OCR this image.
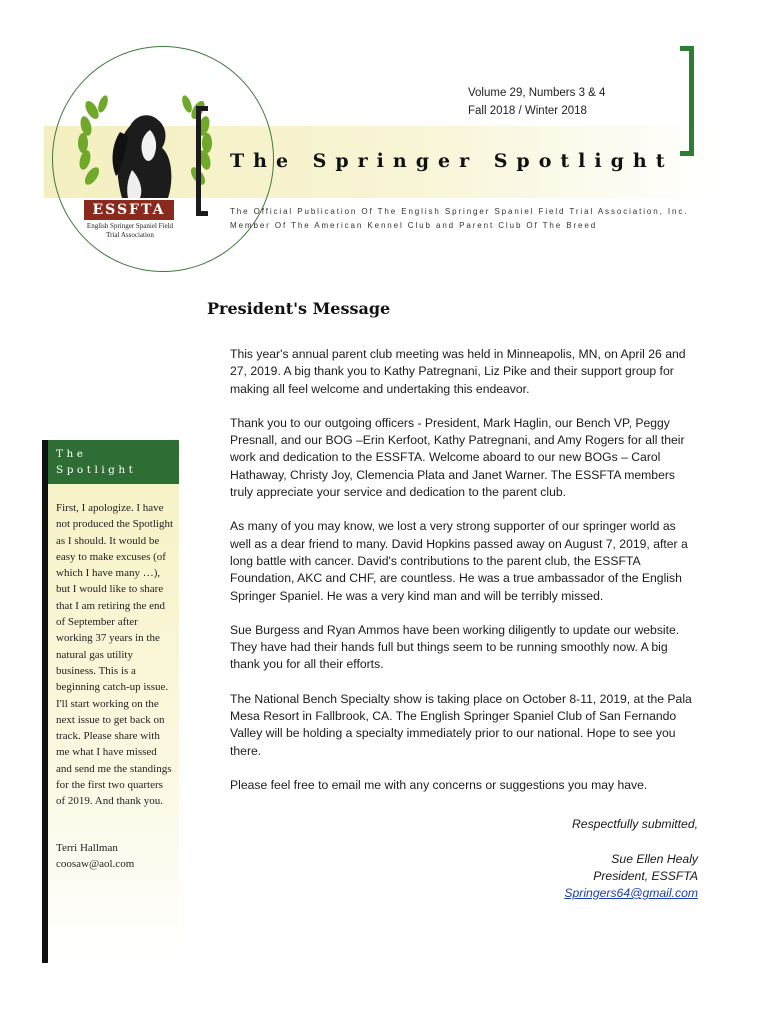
ESSFTA
English Springer Spaniel Field Trial Association
Volume 29, Numbers 3 & 4
Fall 2018 / Winter 2018
The Springer Spotlight
The Official Publication Of The English Springer Spaniel Field Trial Association, Inc.
Member Of The American Kennel Club and Parent Club Of The Breed
The
Spotlight
First, I apologize. I have not produced the Spotlight as I should. It would be easy to make excuses (of which I have many …), but I would like to share that I am retiring the end of September after working 37 years in the natural gas utility business. This is a beginning catch-up issue. I'll start working on the next issue to get back on track. Please share with me what I have missed and send me the standings for the first two quarters of 2019. And thank you.
Terri Hallman
coosaw@aol.com
President's Message

This year's annual parent club meeting was held in Minneapolis, MN, on April 26 and 27, 2019. A big thank you to Kathy Patregnani, Liz Pike and their support group for making all feel welcome and undertaking this endeavor.

Thank you to our outgoing officers - President, Mark Haglin, our Bench VP, Peggy Presnall, and our BOG –Erin Kerfoot, Kathy Patregnani, and Amy Rogers for all their work and dedication to the ESSFTA. Welcome aboard to our new BOGs – Carol Hathaway, Christy Joy, Clemencia Plata and Janet Warner. The ESSFTA members truly appreciate your service and dedication to the parent club.

As many of you may know, we lost a very strong supporter of our springer world as well as a dear friend to many. David Hopkins passed away on August 7, 2019, after a long battle with cancer. David's contributions to the parent club, the ESSFTA Foundation, AKC and CHF, are countless. He was a true ambassador of the English Springer Spaniel. He was a very kind man and will be terribly missed.

Sue Burgess and Ryan Ammos have been working diligently to update our website. They have had their hands full but things seem to be running smoothly now. A big thank you for all their efforts.

The National Bench Specialty show is taking place on October 8-11, 2019, at the Pala Mesa Resort in Fallbrook, CA. The English Springer Spaniel Club of San Fernando Valley will be holding a specialty immediately prior to our national. Hope to see you there.

Please feel free to email me with any concerns or suggestions you may have.

Respectfully submitted,
Sue Ellen Healy
President, ESSFTA
Springers64@gmail.com
